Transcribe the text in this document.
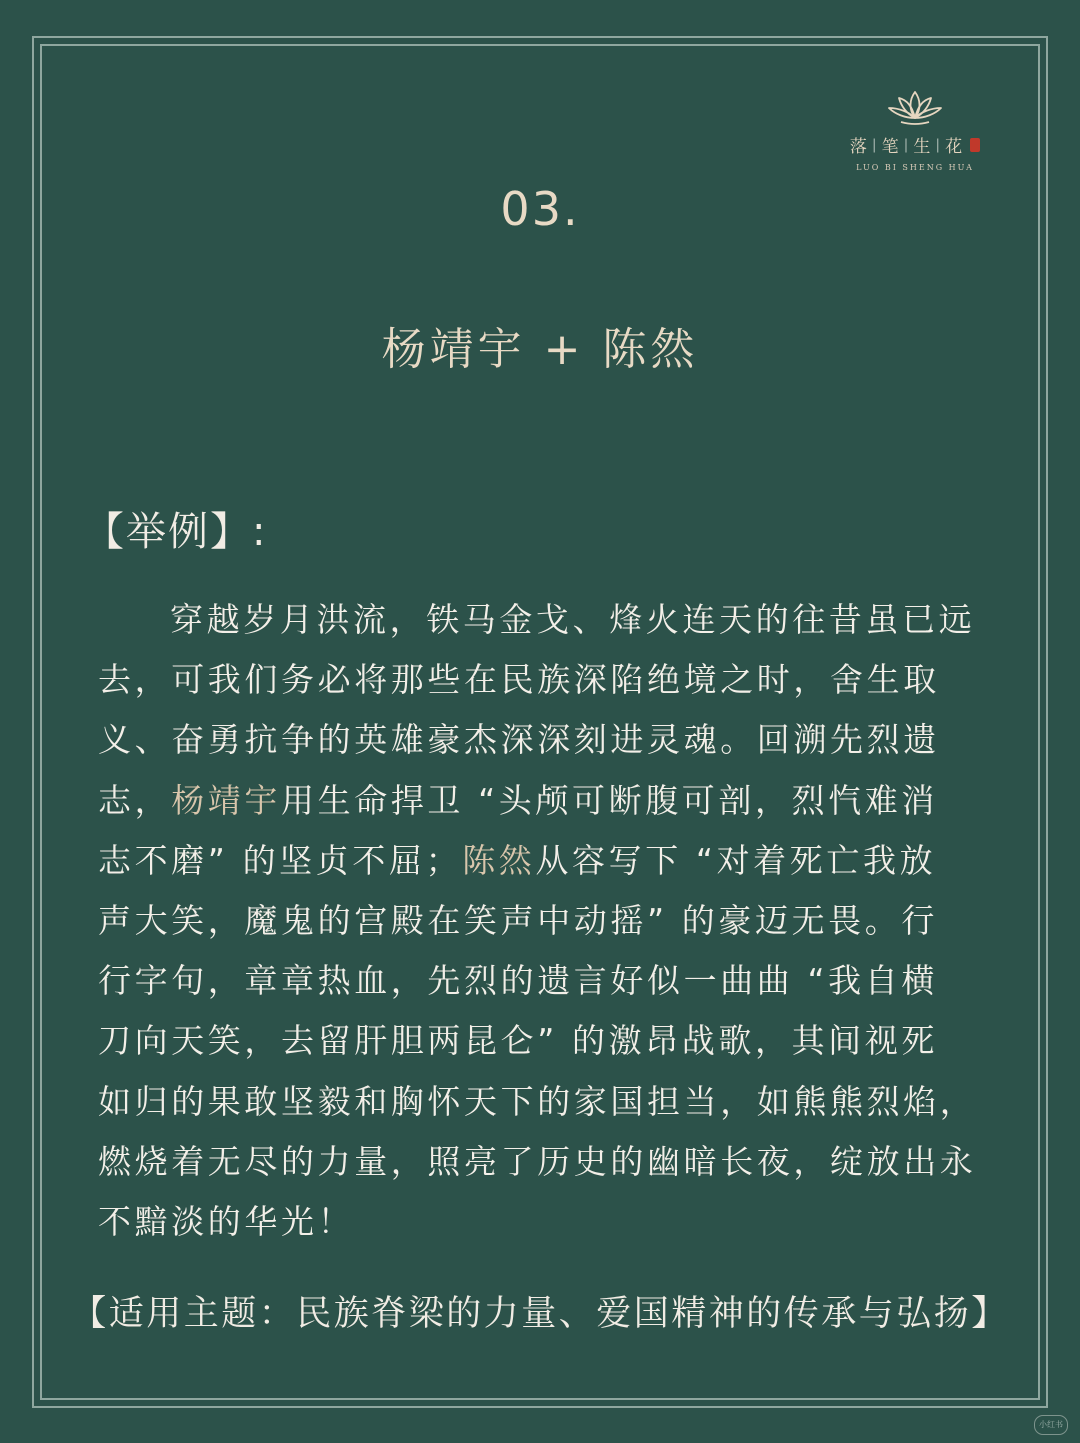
落 | 笔 | 生 | 花
LUO BI SHENG HUA
03.
杨靖宇 + 陈然
【举例】:
穿越岁月洪流，铁马金戈、烽火连天的往昔虽已远
去，可我们务必将那些在民族深陷绝境之时，舍生取
义、奋勇抗争的英雄豪杰深深刻进灵魂。回溯先烈遗
志，杨靖宇用生命捍卫 “头颅可断腹可剖，烈忾难消
志不磨” 的坚贞不屈；陈然从容写下 “对着死亡我放
声大笑，魔鬼的宫殿在笑声中动摇” 的豪迈无畏。行
行字句，章章热血，先烈的遗言好似一曲曲 “我自横
刀向天笑，去留肝胆两昆仑” 的激昂战歌，其间视死
如归的果敢坚毅和胸怀天下的家国担当，如熊熊烈焰，
燃烧着无尽的力量，照亮了历史的幽暗长夜，绽放出永
不黯淡的华光！
【适用主题：民族脊梁的力量、爱国精神的传承与弘扬】
小红书
